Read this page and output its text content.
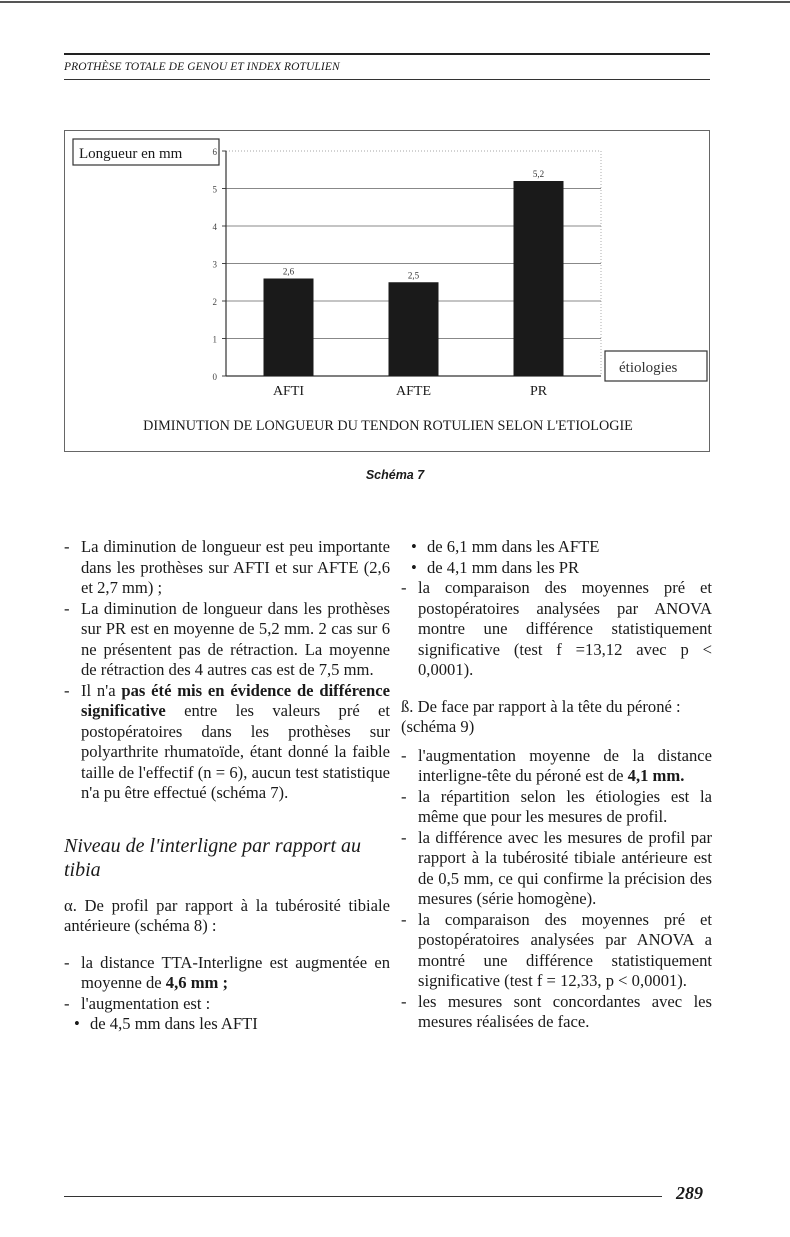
PROTHÈSE TOTALE DE GENOU ET INDEX ROTULIEN
Longueur en mm
étiologies
DIMINUTION DE LONGUEUR DU TENDON ROTULIEN SELON L'ETIOLOGIE
0
1
2
3
4
5
6
2,6
AFTI
2,5
AFTE
5,2
PR
Schéma 7
- La diminution de longueur est peu importante dans les prothèses sur AFTI et sur AFTE (2,6 et 2,7 mm) ;
- La diminution de longueur dans les prothèses sur PR est en moyenne de 5,2 mm. 2 cas sur 6 ne présentent pas de rétraction. La moyenne de rétraction des 4 autres cas est de 7,5 mm.
- Il n'a pas été mis en évidence de différence significative entre les valeurs pré et postopératoires dans les prothèses sur polyarthrite rhumatoïde, étant donné la faible taille de l'effectif (n = 6), aucun test statistique n'a pu être effectué (schéma 7).
Niveau de l'interligne par rapport au tibia
α. De profil par rapport à la tubérosité tibiale antérieure (schéma 8) :
- la distance TTA-Interligne est augmentée en moyenne de 4,6 mm ;
- l'augmentation est :
• de 4,5 mm dans les AFTI
• de 6,1 mm dans les AFTE
• de 4,1 mm dans les PR
- la comparaison des moyennes pré et postopératoires analysées par ANOVA montre une différence statistiquement significative (test f =13,12 avec p < 0,0001).
ß. De face par rapport à la tête du péroné : (schéma 9)
- l'augmentation moyenne de la distance interligne-tête du péroné est de 4,1 mm.
- la répartition selon les étiologies est la même que pour les mesures de profil.
- la différence avec les mesures de profil par rapport à la tubérosité tibiale antérieure est de 0,5 mm, ce qui confirme la précision des mesures (série homogène).
- la comparaison des moyennes pré et postopératoires analysées par ANOVA a montré une différence statistiquement significative (test f = 12,33, p < 0,0001).
- les mesures sont concordantes avec les mesures réalisées de face.
289
